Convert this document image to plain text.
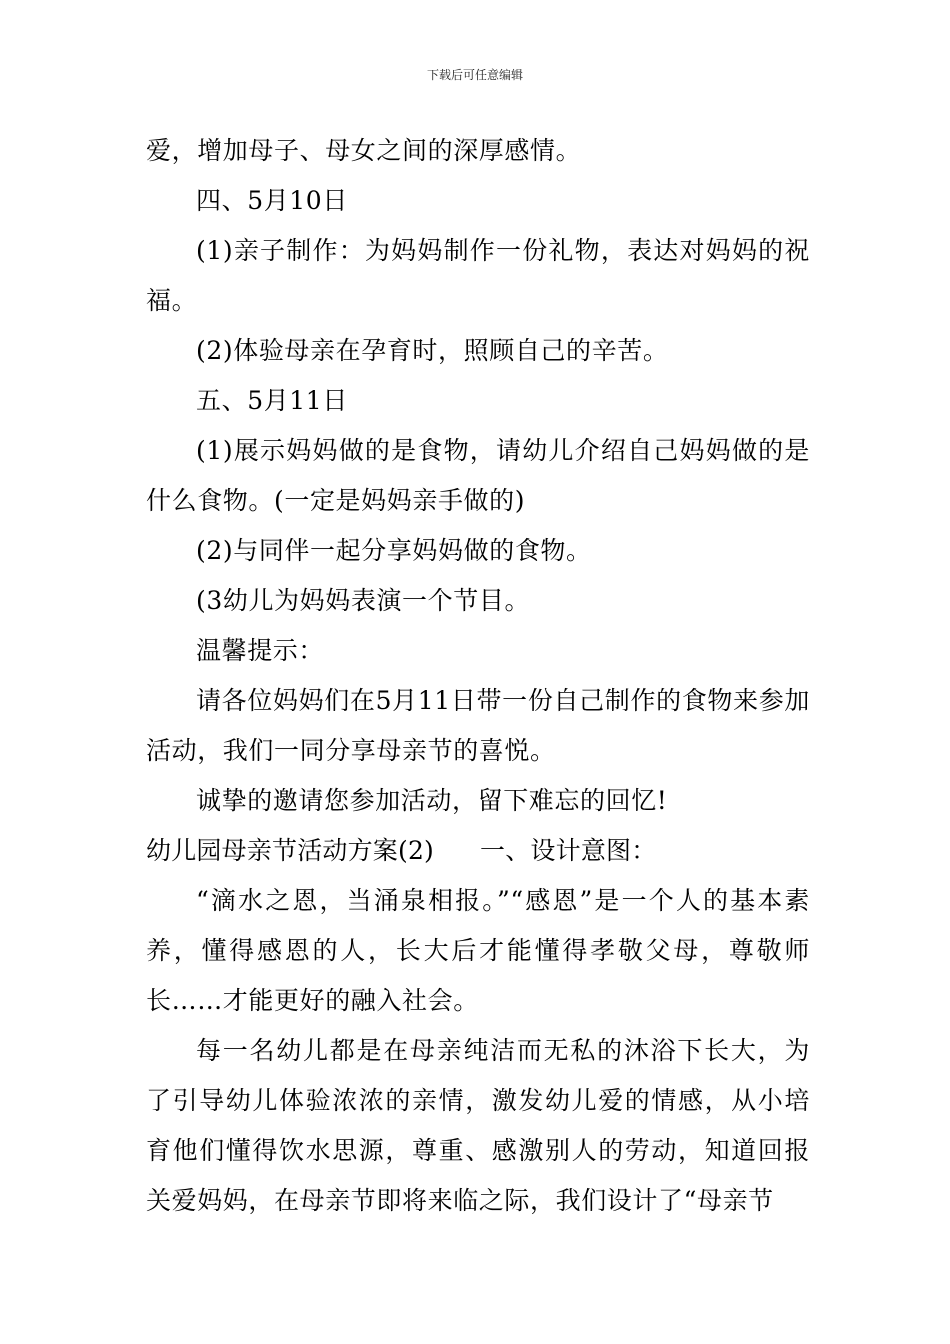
下载后可任意编辑

爱，增加母子、母女之间的深厚感情。

四、5月10日

(1)亲子制作：为妈妈制作一份礼物，表达对妈妈的祝福。

(2)体验母亲在孕育时，照顾自己的辛苦。

五、5月11日

(1)展示妈妈做的是食物，请幼儿介绍自己妈妈做的是什么食物。(一定是妈妈亲手做的)

(2)与同伴一起分享妈妈做的食物。

(3幼儿为妈妈表演一个节目。

温馨提示：

请各位妈妈们在5月11日带一份自己制作的食物来参加活动，我们一同分享母亲节的喜悦。

诚挚的邀请您参加活动，留下难忘的回忆!

幼儿园母亲节活动方案(2) 一、设计意图：

“滴水之恩，当涌泉相报。”“感恩”是一个人的基本素养，懂得感恩的人，长大后才能懂得孝敬父母，尊敬师长……才能更好的融入社会。

每一名幼儿都是在母亲纯洁而无私的沐浴下长大，为了引导幼儿体验浓浓的亲情，激发幼儿爱的情感，从小培育他们懂得饮水思源，尊重、感激别人的劳动，知道回报关爱妈妈，在母亲节即将来临之际，我们设计了“母亲节
